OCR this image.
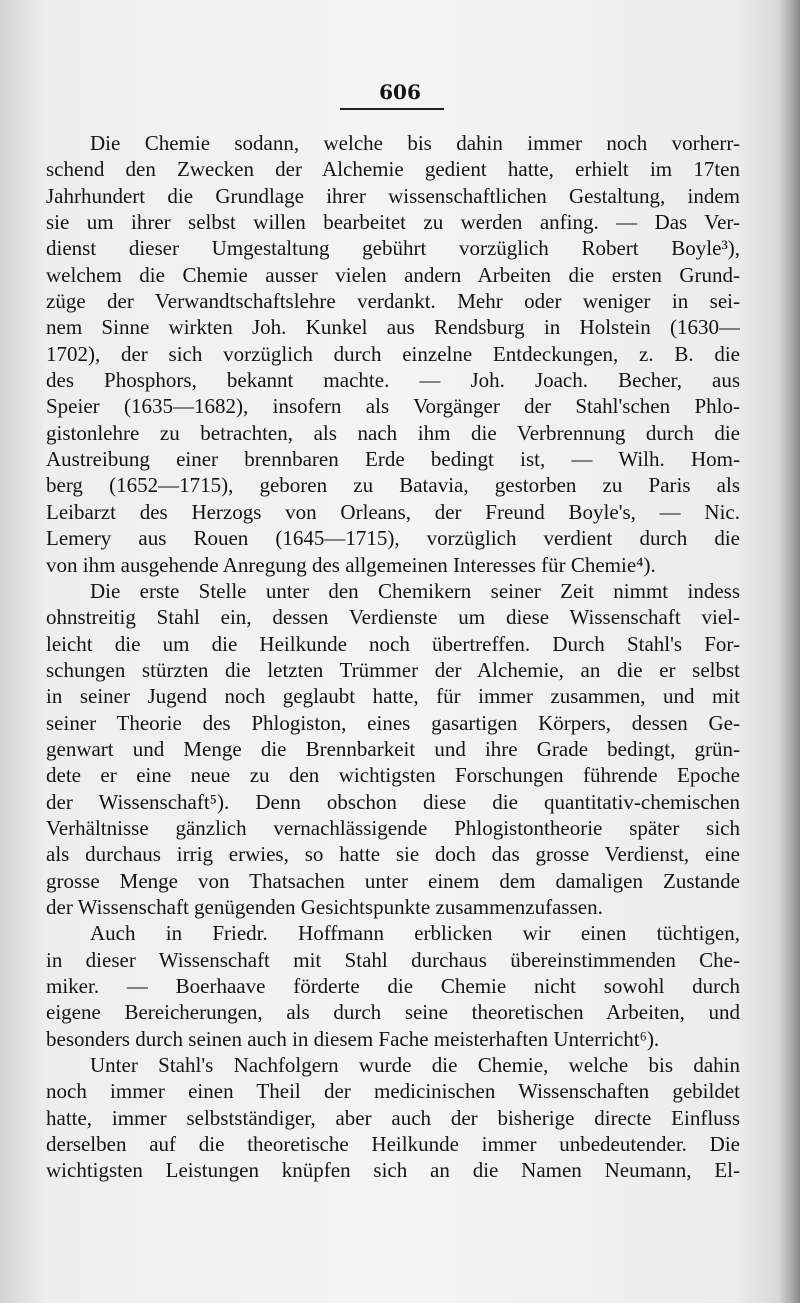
606
Die Chemie sodann, welche bis dahin immer noch vorherr-
schend den Zwecken der Alchemie gedient hatte, erhielt im 17ten
Jahrhundert die Grundlage ihrer wissenschaftlichen Gestaltung, indem
sie um ihrer selbst willen bearbeitet zu werden anfing. — Das Ver-
dienst dieser Umgestaltung gebührt vorzüglich Robert Boyle³),
welchem die Chemie ausser vielen andern Arbeiten die ersten Grund-
züge der Verwandtschaftslehre verdankt. Mehr oder weniger in sei-
nem Sinne wirkten Joh. Kunkel aus Rendsburg in Holstein (1630—
1702), der sich vorzüglich durch einzelne Entdeckungen, z. B. die
des Phosphors, bekannt machte. — Joh. Joach. Becher, aus
Speier (1635—1682), insofern als Vorgänger der Stahl'schen Phlo-
gistonlehre zu betrachten, als nach ihm die Verbrennung durch die
Austreibung einer brennbaren Erde bedingt ist, — Wilh. Hom-
berg (1652—1715), geboren zu Batavia, gestorben zu Paris als
Leibarzt des Herzogs von Orleans, der Freund Boyle's, — Nic.
Lemery aus Rouen (1645—1715), vorzüglich verdient durch die
von ihm ausgehende Anregung des allgemeinen Interesses für Chemie⁴).
Die erste Stelle unter den Chemikern seiner Zeit nimmt indess
ohnstreitig Stahl ein, dessen Verdienste um diese Wissenschaft viel-
leicht die um die Heilkunde noch übertreffen. Durch Stahl's For-
schungen stürzten die letzten Trümmer der Alchemie, an die er selbst
in seiner Jugend noch geglaubt hatte, für immer zusammen, und mit
seiner Theorie des Phlogiston, eines gasartigen Körpers, dessen Ge-
genwart und Menge die Brennbarkeit und ihre Grade bedingt, grün-
dete er eine neue zu den wichtigsten Forschungen führende Epoche
der Wissenschaft⁵). Denn obschon diese die quantitativ-chemischen
Verhältnisse gänzlich vernachlässigende Phlogistontheorie später sich
als durchaus irrig erwies, so hatte sie doch das grosse Verdienst, eine
grosse Menge von Thatsachen unter einem dem damaligen Zustande
der Wissenschaft genügenden Gesichtspunkte zusammenzufassen.
Auch in Friedr. Hoffmann erblicken wir einen tüchtigen,
in dieser Wissenschaft mit Stahl durchaus übereinstimmenden Che-
miker. — Boerhaave förderte die Chemie nicht sowohl durch
eigene Bereicherungen, als durch seine theoretischen Arbeiten, und
besonders durch seinen auch in diesem Fache meisterhaften Unterricht⁶).
Unter Stahl's Nachfolgern wurde die Chemie, welche bis dahin
noch immer einen Theil der medicinischen Wissenschaften gebildet
hatte, immer selbstständiger, aber auch der bisherige directe Einfluss
derselben auf die theoretische Heilkunde immer unbedeutender. Die
wichtigsten Leistungen knüpfen sich an die Namen Neumann, El-
